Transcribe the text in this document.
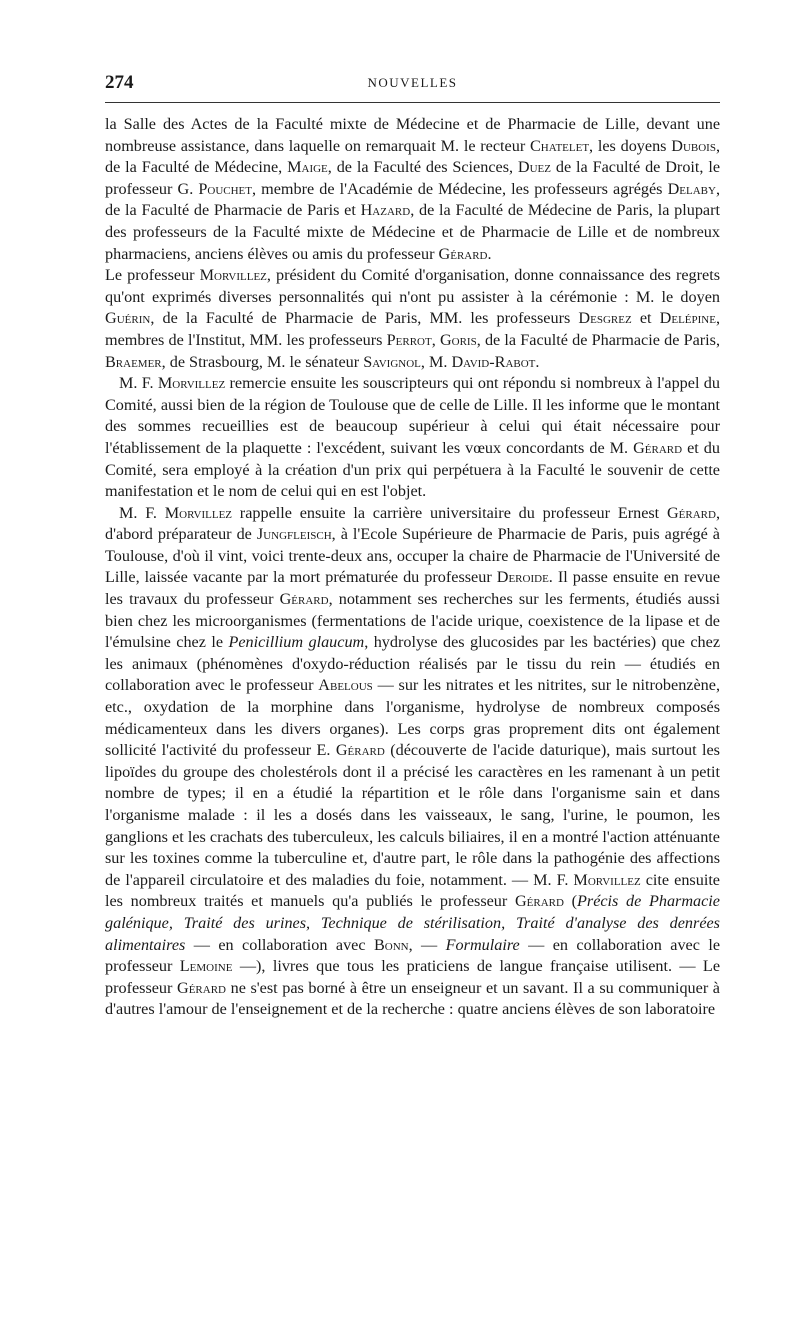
274	NOUVELLES

la Salle des Actes de la Faculté mixte de Médecine et de Pharmacie de Lille, devant une nombreuse assistance, dans laquelle on remarquait M. le recteur Chatelet, les doyens Dubois, de la Faculté de Médecine, Maige, de la Faculté des Sciences, Duez de la Faculté de Droit, le professeur G. Pouchet, membre de l'Académie de Médecine, les professeurs agrégés Delaby, de la Faculté de Pharmacie de Paris et Hazard, de la Faculté de Médecine de Paris, la plupart des professeurs de la Faculté mixte de Médecine et de Pharmacie de Lille et de nombreux pharmaciens, anciens élèves ou amis du professeur Gérard.

Le professeur Morvillez, président du Comité d'organisation, donne connaissance des regrets qu'ont exprimés diverses personnalités qui n'ont pu assister à la cérémonie : M. le doyen Guérin, de la Faculté de Pharmacie de Paris, MM. les professeurs Desgrez et Delépine, membres de l'Institut, MM. les professeurs Perrot, Goris, de la Faculté de Pharmacie de Paris, Braemer, de Strasbourg, M. le sénateur Savignol, M. David-Rabot.

M. F. Morvillez remercie ensuite les souscripteurs qui ont répondu si nombreux à l'appel du Comité, aussi bien de la région de Toulouse que de celle de Lille. Il les informe que le montant des sommes recueillies est de beaucoup supérieur à celui qui était nécessaire pour l'établissement de la plaquette : l'excédent, suivant les vœux concordants de M. Gérard et du Comité, sera employé à la création d'un prix qui perpétuera à la Faculté le souvenir de cette manifestation et le nom de celui qui en est l'objet.

M. F. Morvillez rappelle ensuite la carrière universitaire du professeur Ernest Gérard, d'abord préparateur de Jungfleisch, à l'Ecole Supérieure de Pharmacie de Paris, puis agrégé à Toulouse, d'où il vint, voici trente-deux ans, occuper la chaire de Pharmacie de l'Université de Lille, laissée vacante par la mort prématurée du professeur Deroide. Il passe ensuite en revue les travaux du professeur Gérard, notamment ses recherches sur les ferments, étudiés aussi bien chez les microorganismes (fermentations de l'acide urique, coexistence de la lipase et de l'émulsine chez le Penicillium glaucum, hydrolyse des glucosides par les bactéries) que chez les animaux (phénomènes d'oxydo-réduction réalisés par le tissu du rein — étudiés en collaboration avec le professeur Abelous — sur les nitrates et les nitrites, sur le nitrobenzène, etc., oxydation de la morphine dans l'organisme, hydrolyse de nombreux composés médicamenteux dans les divers organes). Les corps gras proprement dits ont également sollicité l'activité du professeur E. Gérard (découverte de l'acide daturique), mais surtout les lipoïdes du groupe des cholestérols dont il a précisé les caractères en les ramenant à un petit nombre de types; il en a étudié la répartition et le rôle dans l'organisme sain et dans l'organisme malade : il les a dosés dans les vaisseaux, le sang, l'urine, le poumon, les ganglions et les crachats des tuberculeux, les calculs biliaires, il en a montré l'action atténuante sur les toxines comme la tuberculine et, d'autre part, le rôle dans la pathogénie des affections de l'appareil circulatoire et des maladies du foie, notamment. — M. F. Morvillez cite ensuite les nombreux traités et manuels qu'a publiés le professeur Gérard (Précis de Pharmacie galénique, Traité des urines, Technique de stérilisation, Traité d'analyse des denrées alimentaires — en collaboration avec Bonn, — Formulaire — en collaboration avec le professeur Lemoine —), livres que tous les praticiens de langue française utilisent. — Le professeur Gérard ne s'est pas borné à être un enseigneur et un savant. Il a su communiquer à d'autres l'amour de l'enseignement et de la recherche : quatre anciens élèves de son laboratoire
